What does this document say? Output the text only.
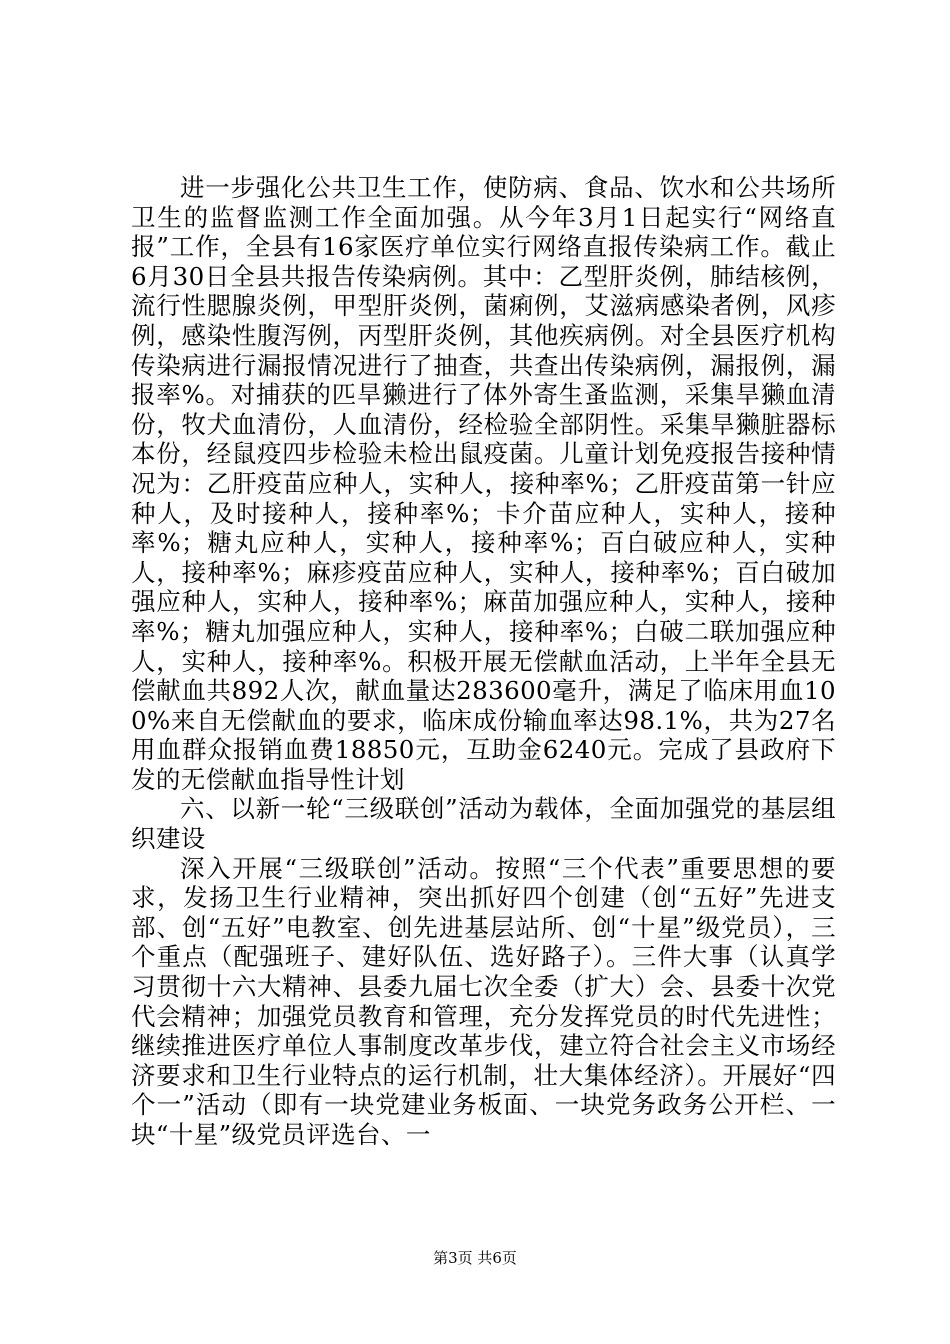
进一步强化公共卫生工作，使防病、食品、饮水和公共场所卫生的监督监测工作全面加强。从今年3月1日起实行“网络直报”工作，全县有16家医疗单位实行网络直报传染病工作。截止6月30日全县共报告传染病例。其中：乙型肝炎例，肺结核例，流行性腮腺炎例，甲型肝炎例，菌痢例，艾滋病感染者例，风疹例，感染性腹泻例，丙型肝炎例，其他疾病例。对全县医疗机构传染病进行漏报情况进行了抽查，共查出传染病例，漏报例，漏报率%。对捕获的匹旱獭进行了体外寄生蚤监测，采集旱獭血清份，牧犬血清份，人血清份，经检验全部阴性。采集旱獭脏器标本份，经鼠疫四步检验未检出鼠疫菌。儿童计划免疫报告接种情况为：乙肝疫苗应种人，实种人，接种率%；乙肝疫苗第一针应种人，及时接种人，接种率%；卡介苗应种人，实种人，接种率%；糖丸应种人，实种人，接种率%；百白破应种人，实种人，接种率%；麻疹疫苗应种人，实种人，接种率%；百白破加强应种人，实种人，接种率%；麻苗加强应种人，实种人，接种率%；糖丸加强应种人，实种人，接种率%；白破二联加强应种人，实种人，接种率%。积极开展无偿献血活动，上半年全县无偿献血共892人次，献血量达283600毫升，满足了临床用血100%来自无偿献血的要求，临床成份输血率达98.1%，共为27名用血群众报销血费18850元，互助金6240元。完成了县政府下发的无偿献血指导性计划

六、以新一轮“三级联创”活动为载体，全面加强党的基层组织建设

深入开展“三级联创”活动。按照“三个代表”重要思想的要求，发扬卫生行业精神，突出抓好四个创建（创“五好”先进支部、创“五好”电教室、创先进基层站所、创“十星”级党员），三个重点（配强班子、建好队伍、选好路子）。三件大事（认真学习贯彻十六大精神、县委九届七次全委（扩大）会、县委十次党代会精神；加强党员教育和管理，充分发挥党员的时代先进性；继续推进医疗单位人事制度改革步伐，建立符合社会主义市场经济要求和卫生行业特点的运行机制，壮大集体经济）。开展好“四个一”活动（即有一块党建业务板面、一块党务政务公开栏、一块“十星”级党员评选台、一

第3页 共6页
